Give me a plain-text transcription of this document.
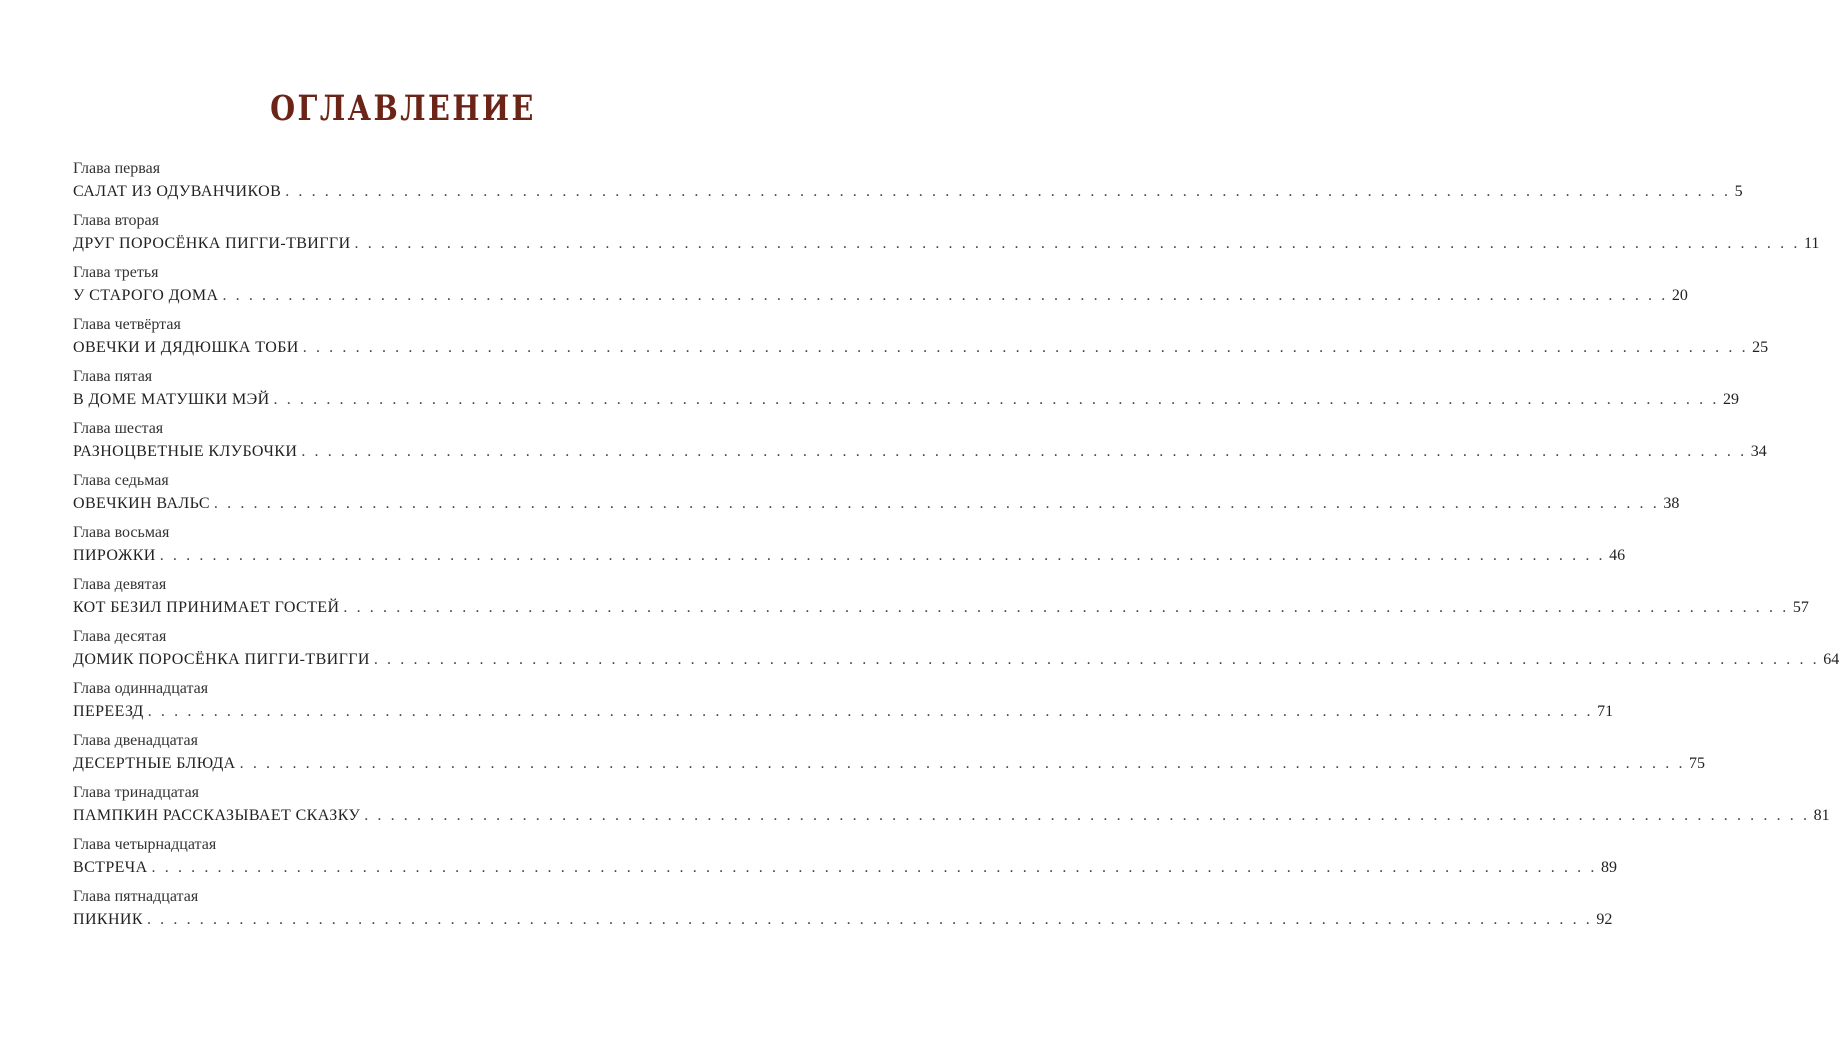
ОГЛАВЛЕНИЕ
Глава первая
САЛАТ ИЗ ОДУВАНЧИКОВ . . . . . . . . . . . . . . . . . . . . . . . . . . . . . . . . . . . . . . . . . . . . . . . . . . . . . . . . . . . . . . . . . . . . . . . . . . . . . . . . . . . . . . . . . . . . . . . . . . . . . . . . . . . . . . 5
Глава вторая
ДРУГ ПОРОСЁНКА ПИГГИ-ТВИГГИ . . . . . . . . . . . . . . . . . . . . . . . . . . . . . . . . . . . . . . . . . . . . . . . . . . . . . . . . . . . . . . . . . . . . . . . . . . . . . . . . . . . . . . . . . . . . . . . . . . . . . . . . . . . . . . 11
Глава третья
У СТАРОГО ДОМА . . . . . . . . . . . . . . . . . . . . . . . . . . . . . . . . . . . . . . . . . . . . . . . . . . . . . . . . . . . . . . . . . . . . . . . . . . . . . . . . . . . . . . . . . . . . . . . . . . . . . . . . . . . . . . 20
Глава четвёртая
ОВЕЧКИ И ДЯДЮШКА ТОБИ . . . . . . . . . . . . . . . . . . . . . . . . . . . . . . . . . . . . . . . . . . . . . . . . . . . . . . . . . . . . . . . . . . . . . . . . . . . . . . . . . . . . . . . . . . . . . . . . . . . . . . . . . . . . . . 25
Глава пятая
В ДОМЕ МАТУШКИ МЭЙ . . . . . . . . . . . . . . . . . . . . . . . . . . . . . . . . . . . . . . . . . . . . . . . . . . . . . . . . . . . . . . . . . . . . . . . . . . . . . . . . . . . . . . . . . . . . . . . . . . . . . . . . . . . . . . 29
Глава шестая
РАЗНОЦВЕТНЫЕ КЛУБОЧКИ . . . . . . . . . . . . . . . . . . . . . . . . . . . . . . . . . . . . . . . . . . . . . . . . . . . . . . . . . . . . . . . . . . . . . . . . . . . . . . . . . . . . . . . . . . . . . . . . . . . . . . . . . . . . . . 34
Глава седьмая
ОВЕЧКИН ВАЛЬС . . . . . . . . . . . . . . . . . . . . . . . . . . . . . . . . . . . . . . . . . . . . . . . . . . . . . . . . . . . . . . . . . . . . . . . . . . . . . . . . . . . . . . . . . . . . . . . . . . . . . . . . . . . . . . 38
Глава восьмая
ПИРОЖКИ . . . . . . . . . . . . . . . . . . . . . . . . . . . . . . . . . . . . . . . . . . . . . . . . . . . . . . . . . . . . . . . . . . . . . . . . . . . . . . . . . . . . . . . . . . . . . . . . . . . . . . . . . . . . . . 46
Глава девятая
КОТ БЕЗИЛ ПРИНИМАЕТ ГОСТЕЙ . . . . . . . . . . . . . . . . . . . . . . . . . . . . . . . . . . . . . . . . . . . . . . . . . . . . . . . . . . . . . . . . . . . . . . . . . . . . . . . . . . . . . . . . . . . . . . . . . . . . . . . . . . . . . . 57
Глава десятая
ДОМИК ПОРОСЁНКА ПИГГИ-ТВИГГИ . . . . . . . . . . . . . . . . . . . . . . . . . . . . . . . . . . . . . . . . . . . . . . . . . . . . . . . . . . . . . . . . . . . . . . . . . . . . . . . . . . . . . . . . . . . . . . . . . . . . . . . . . . . . . . 64
Глава одиннадцатая
ПЕРЕЕЗД . . . . . . . . . . . . . . . . . . . . . . . . . . . . . . . . . . . . . . . . . . . . . . . . . . . . . . . . . . . . . . . . . . . . . . . . . . . . . . . . . . . . . . . . . . . . . . . . . . . . . . . . . . . . . . 71
Глава двенадцатая
ДЕСЕРТНЫЕ БЛЮДА . . . . . . . . . . . . . . . . . . . . . . . . . . . . . . . . . . . . . . . . . . . . . . . . . . . . . . . . . . . . . . . . . . . . . . . . . . . . . . . . . . . . . . . . . . . . . . . . . . . . . . . . . . . . . . 75
Глава тринадцатая
ПАМПКИН РАССКАЗЫВАЕТ СКАЗКУ . . . . . . . . . . . . . . . . . . . . . . . . . . . . . . . . . . . . . . . . . . . . . . . . . . . . . . . . . . . . . . . . . . . . . . . . . . . . . . . . . . . . . . . . . . . . . . . . . . . . . . . . . . . . . . 81
Глава четырнадцатая
ВСТРЕЧА . . . . . . . . . . . . . . . . . . . . . . . . . . . . . . . . . . . . . . . . . . . . . . . . . . . . . . . . . . . . . . . . . . . . . . . . . . . . . . . . . . . . . . . . . . . . . . . . . . . . . . . . . . . . . . 89
Глава пятнадцатая
ПИКНИК . . . . . . . . . . . . . . . . . . . . . . . . . . . . . . . . . . . . . . . . . . . . . . . . . . . . . . . . . . . . . . . . . . . . . . . . . . . . . . . . . . . . . . . . . . . . . . . . . . . . . . . . . . . . . . 92
